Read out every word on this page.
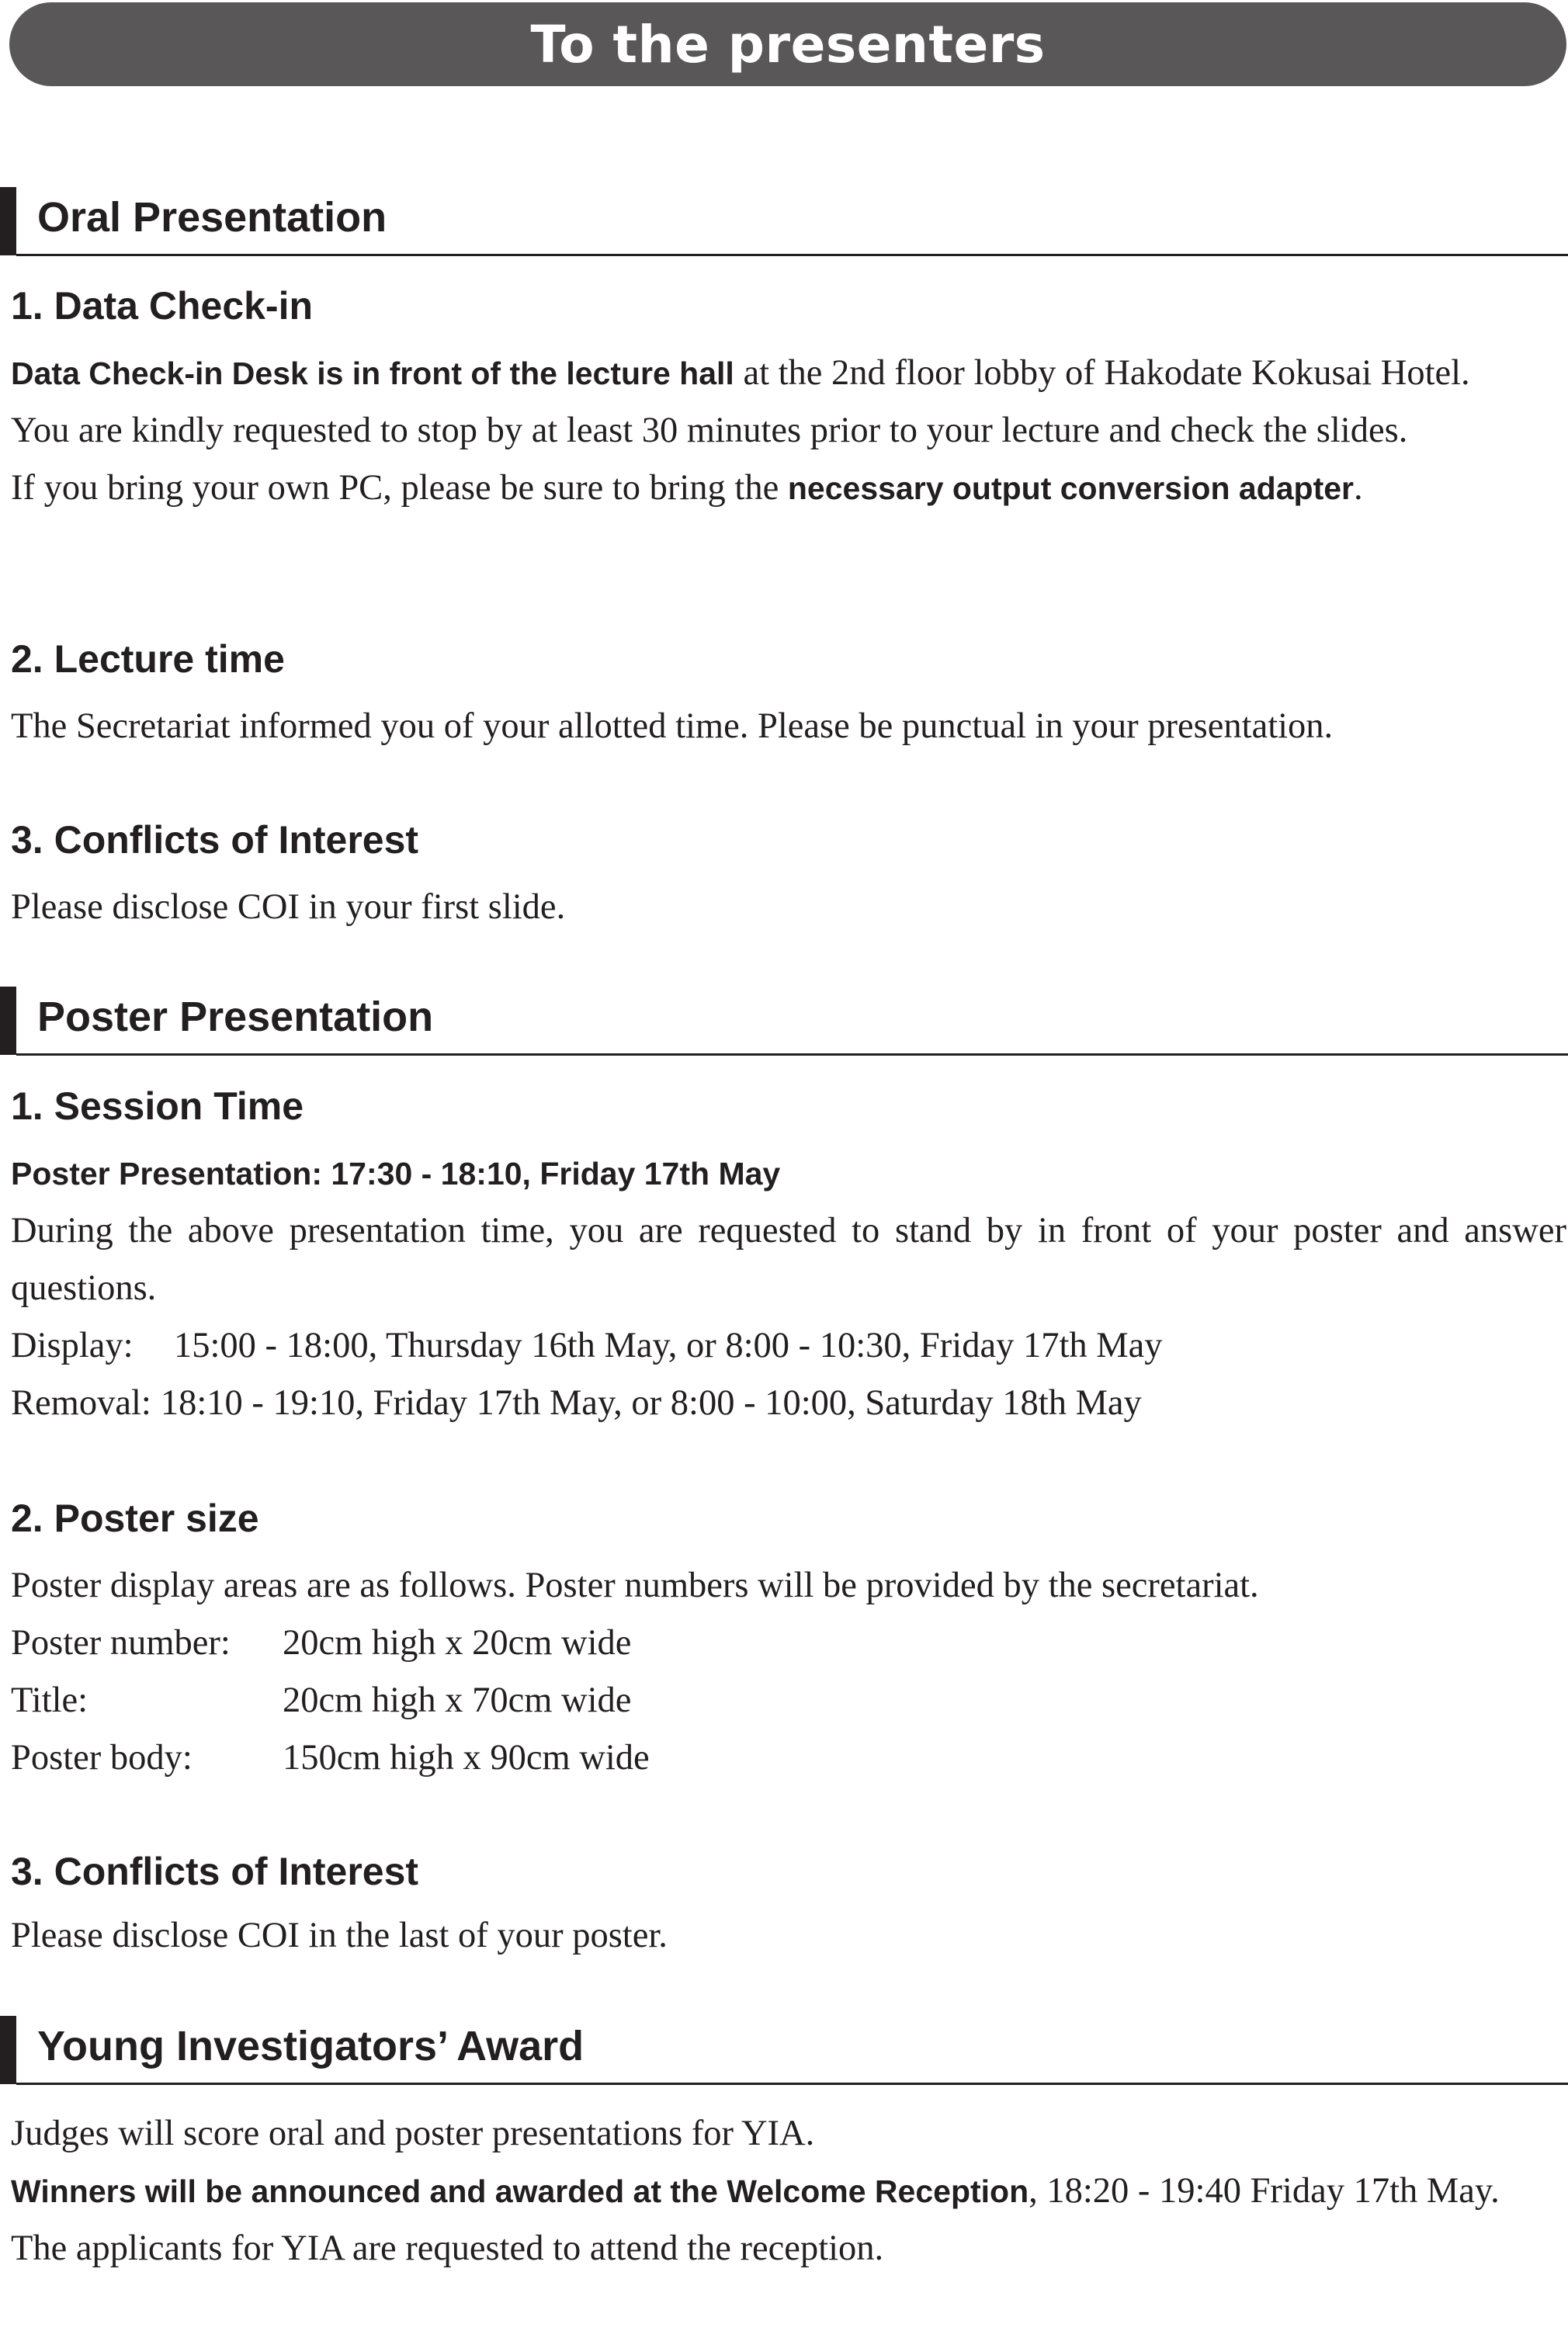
To the presenters
Oral Presentation
1. Data Check-in

Data Check-in Desk is in front of the lecture hall at the 2nd floor lobby of Hakodate Kokusai Hotel.

You are kindly requested to stop by at least 30 minutes prior to your lecture and check the slides.

If you bring your own PC, please be sure to bring the necessary output conversion adapter.

2. Lecture time

The Secretariat informed you of your allotted time. Please be punctual in your presentation.

3. Conflicts of Interest

Please disclose COI in your first slide.

Poster Presentation
1. Session Time

Poster Presentation: 17:30 - 18:10, Friday 17th May

During the above presentation time, you are requested to stand by in front of your poster and answer questions.

Display:	15:00 - 18:00, Thursday 16th May, or 8:00 - 10:30, Friday 17th May

Removal: 18:10 - 19:10, Friday 17th May, or 8:00 - 10:00, Saturday 18th May

2. Poster size

Poster display areas are as follows. Poster numbers will be provided by the secretariat.

Poster number:	20cm high x 20cm wide

Title:	20cm high x 70cm wide

Poster body:	150cm high x 90cm wide

3. Conflicts of Interest

Please disclose COI in the last of your poster.

Young Investigators’ Award

Judges will score oral and poster presentations for YIA.

Winners will be announced and awarded at the Welcome Reception, 18:20 - 19:40 Friday 17th May.

The applicants for YIA are requested to attend the reception.
